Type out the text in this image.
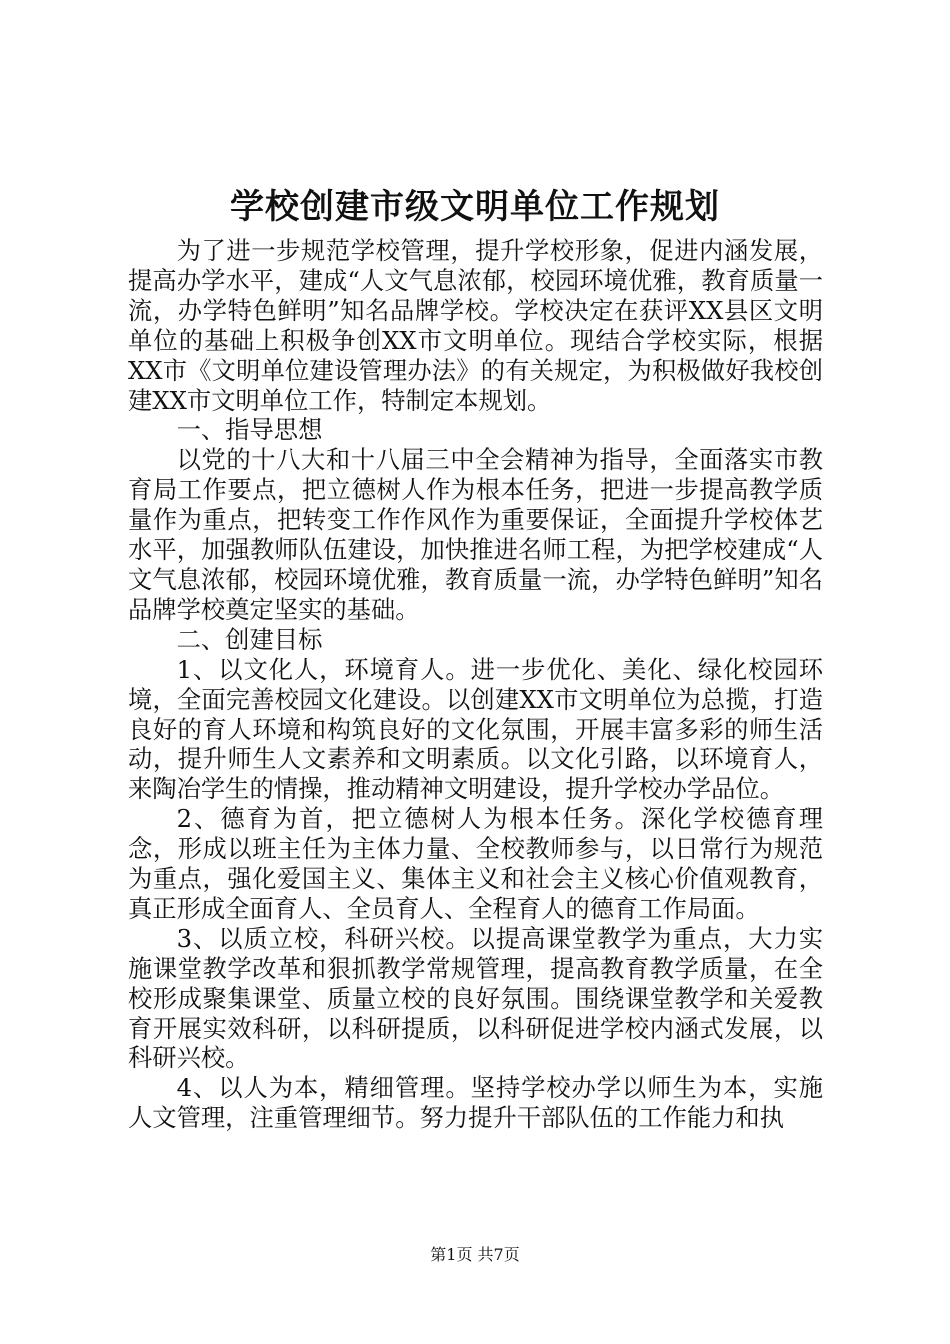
学校创建市级文明单位工作规划

为了进一步规范学校管理，提升学校形象，促进内涵发展，提高办学水平，建成“人文气息浓郁，校园环境优雅，教育质量一流，办学特色鲜明”知名品牌学校。学校决定在获评XX县区文明单位的基础上积极争创XX市文明单位。现结合学校实际，根据XX市《文明单位建设管理办法》的有关规定，为积极做好我校创建XX市文明单位工作，特制定本规划。

一、指导思想

以党的十八大和十八届三中全会精神为指导，全面落实市教育局工作要点，把立德树人作为根本任务，把进一步提高教学质量作为重点，把转变工作作风作为重要保证，全面提升学校体艺水平，加强教师队伍建设，加快推进名师工程，为把学校建成“人文气息浓郁，校园环境优雅，教育质量一流，办学特色鲜明”知名品牌学校奠定坚实的基础。

二、创建目标

1、以文化人，环境育人。进一步优化、美化、绿化校园环境，全面完善校园文化建设。以创建XX市文明单位为总揽，打造良好的育人环境和构筑良好的文化氛围，开展丰富多彩的师生活动，提升师生人文素养和文明素质。以文化引路，以环境育人，来陶冶学生的情操，推动精神文明建设，提升学校办学品位。

2、德育为首，把立德树人为根本任务。深化学校德育理念，形成以班主任为主体力量、全校教师参与，以日常行为规范为重点，强化爱国主义、集体主义和社会主义核心价值观教育，真正形成全面育人、全员育人、全程育人的德育工作局面。

3、以质立校，科研兴校。以提高课堂教学为重点，大力实施课堂教学改革和狠抓教学常规管理，提高教育教学质量，在全校形成聚集课堂、质量立校的良好氛围。围绕课堂教学和关爱教育开展实效科研，以科研提质，以科研促进学校内涵式发展，以科研兴校。

4、以人为本，精细管理。坚持学校办学以师生为本，实施人文管理，注重管理细节。努力提升干部队伍的工作能力和执

第1页 共7页
